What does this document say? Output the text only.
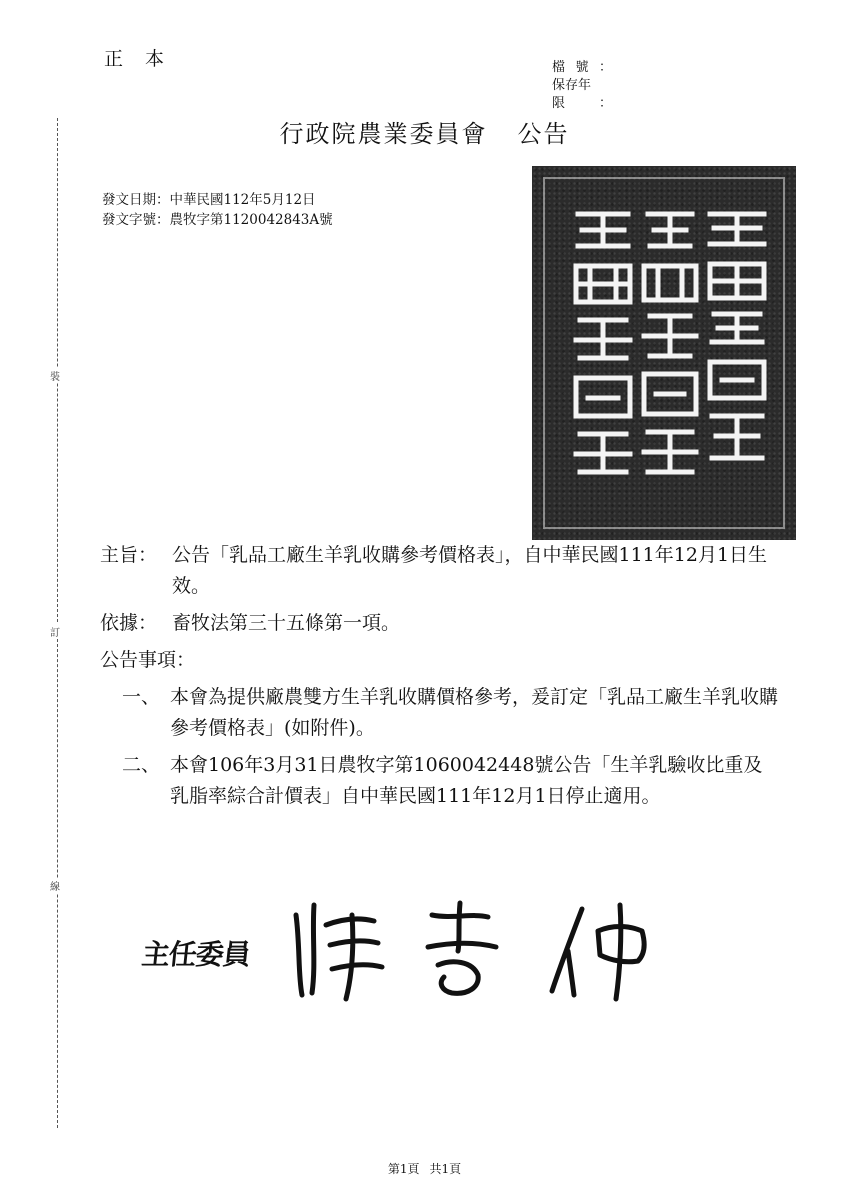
正本	檔號：
保存年限：
行政院農業委員會 公告
發文日期：中華民國112年5月12日
發文字號：農牧字第1120042843A號
裝
訂
線
主旨： 公告「乳品工廠生羊乳收購參考價格表」，自中華民國111年12月1日生效。
依據： 畜牧法第三十五條第一項。
公告事項：
一、 本會為提供廠農雙方生羊乳收購價格參考，爰訂定「乳品工廠生羊乳收購參考價格表」(如附件)。
二、 本會106年3月31日農牧字第1060042448號公告「生羊乳驗收比重及乳脂率綜合計價表」自中華民國111年12月1日停止適用。
主任委員
第1頁 共1頁
